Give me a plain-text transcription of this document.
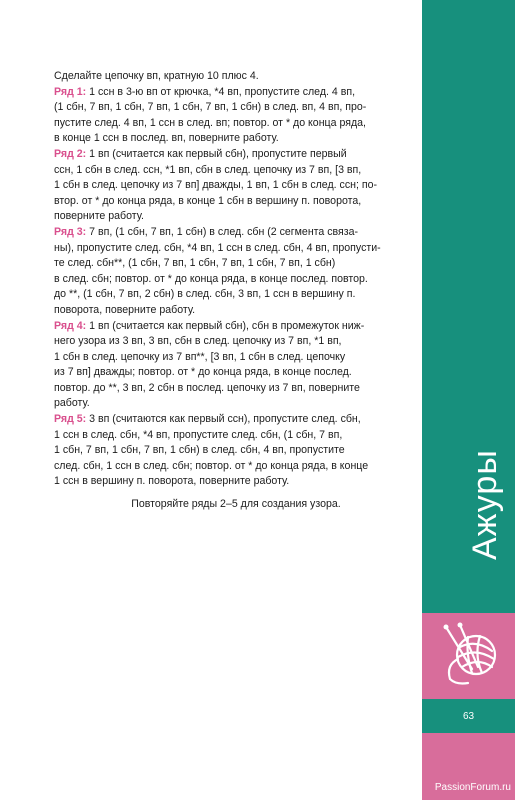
Сделайте цепочку вп, кратную 10 плюс 4.

Ряд 1: 1 ссн в 3-ю вп от крючка, *4 вп, пропустите след. 4 вп,
(1 сбн, 7 вп, 1 сбн, 7 вп, 1 сбн, 7 вп, 1 сбн) в след. вп, 4 вп, про-
пустите след. 4 вп, 1 ссн в след. вп; повтор. от * до конца ряда,
в конце 1 ссн в послед. вп, поверните работу.

Ряд 2: 1 вп (считается как первый сбн), пропустите первый
ссн, 1 сбн в след. ссн, *1 вп, сбн в след. цепочку из 7 вп, [3 вп,
1 сбн в след. цепочку из 7 вп] дважды, 1 вп, 1 сбн в след. ссн; по-
втор. от * до конца ряда, в конце 1 сбн в вершину п. поворота,
поверните работу.

Ряд 3: 7 вп, (1 сбн, 7 вп, 1 сбн) в след. сбн (2 сегмента связа-
ны), пропустите след. сбн, *4 вп, 1 ссн в след. сбн, 4 вп, пропусти-
те след. сбн**, (1 сбн, 7 вп, 1 сбн, 7 вп, 1 сбн, 7 вп, 1 сбн)
в след. сбн; повтор. от * до конца ряда, в конце послед. повтор.
до **, (1 сбн, 7 вп, 2 сбн) в след. сбн, 3 вп, 1 ссн в вершину п.
поворота, поверните работу.

Ряд 4: 1 вп (считается как первый сбн), сбн в промежуток ниж-
него узора из 3 вп, 3 вп, сбн в след. цепочку из 7 вп, *1 вп,
1 сбн в след. цепочку из 7 вп**, [3 вп, 1 сбн в след. цепочку
из 7 вп] дважды; повтор. от * до конца ряда, в конце послед.
повтор. до **, 3 вп, 2 сбн в послед. цепочку из 7 вп, поверните
работу.

Ряд 5: 3 вп (считаются как первый ссн), пропустите след. сбн,
1 ссн в след. сбн, *4 вп, пропустите след. сбн, (1 сбн, 7 вп,
1 сбн, 7 вп, 1 сбн, 7 вп, 1 сбн) в след. сбн, 4 вп, пропустите
след. сбн, 1 ссн в след. сбн; повтор. от * до конца ряда, в конце
1 ссн в вершину п. поворота, поверните работу.

Повторяйте ряды 2–5 для создания узора.	Ажуры
63
PassionForum.ru
